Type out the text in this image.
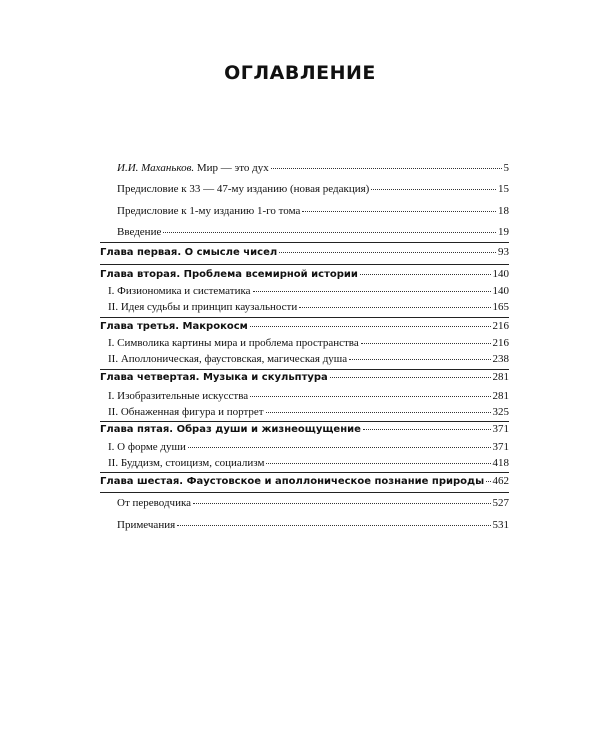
ОГЛАВЛЕНИЕ
И.И. Маханьков. Мир — это дух	5
Предисловие к 33 — 47-му изданию (новая редакция)	15
Предисловие к 1-му изданию 1-го тома	18
Введение	19
Глава первая. О смысле чисел	93
Глава вторая. Проблема всемирной истории	140
I. Физиономика и систематика	140
II. Идея судьбы и принцип каузальности	165
Глава третья. Макрокосм	216
I. Символика картины мира и проблема пространства	216
II. Аполлоническая, фаустовская, магическая душа	238
Глава четвертая. Музыка и скульптура	281
I. Изобразительные искусства	281
II. Обнаженная фигура и портрет	325
Глава пятая. Образ души и жизнеощущение	371
I. О форме души	371
II. Буддизм, стоицизм, социализм	418
Глава шестая. Фаустовское и аполлоническое познание природы 462
От переводчика	527
Примечания	531
